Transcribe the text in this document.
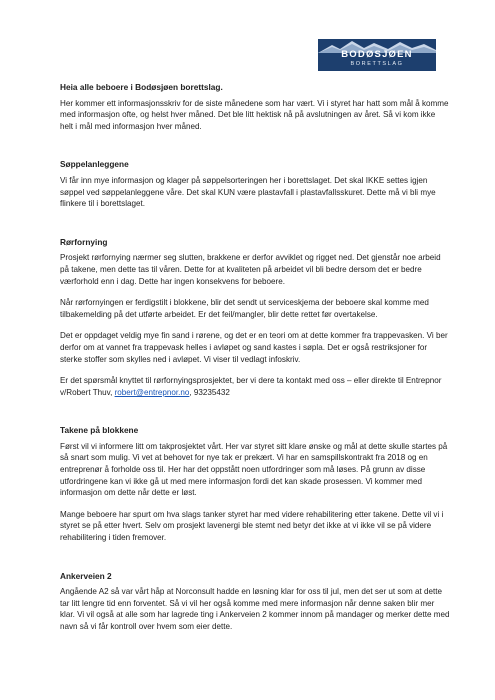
BODØSJØEN
BORETTSLAG

Heia alle beboere i Bodøsjøen borettslag.

Her kommer ett informasjonsskriv for de siste månedene som har vært. Vi i styret har hatt som mål å komme med informasjon ofte, og helst hver måned. Det ble litt hektisk nå på avslutningen av året. Så vi kom ikke helt i mål med informasjon hver måned.

Søppelanleggene

Vi får inn mye informasjon og klager på søppelsorteringen her i borettslaget. Det skal IKKE settes igjen søppel ved søppelanleggene våre. Det skal KUN være plastavfall i plastavfallsskuret. Dette må vi bli mye flinkere til i borettslaget.

Rørfornying

Prosjekt rørfornying nærmer seg slutten, brakkene er derfor avviklet og rigget ned. Det gjenstår noe arbeid på takene, men dette tas til våren. Dette for at kvaliteten på arbeidet vil bli bedre dersom det er bedre værforhold enn i dag. Dette har ingen konsekvens for beboere.

Når rørfornyingen er ferdigstilt i blokkene, blir det sendt ut serviceskjema der beboere skal komme med tilbakemelding på det utførte arbeidet. Er det feil/mangler, blir dette rettet før overtakelse.

Det er oppdaget veldig mye fin sand i rørene, og det er en teori om at dette kommer fra trappevasken. Vi ber derfor om at vannet fra trappevask helles i avløpet og sand kastes i søpla. Det er også restriksjoner for sterke stoffer som skylles ned i avløpet. Vi viser til vedlagt infoskriv.

Er det spørsmål knyttet til rørfornyingsprosjektet, ber vi dere ta kontakt med oss – eller direkte til Entrepnor v/Robert Thuv, robert@entrepnor.no, 93235432

Takene på blokkene

Først vil vi informere litt om takprosjektet vårt. Her var styret sitt klare ønske og mål at dette skulle startes på så snart som mulig. Vi vet at behovet for nye tak er prekært. Vi har en samspillskontrakt fra 2018 og en entreprenør å forholde oss til. Her har det oppstått noen utfordringer som må løses. På grunn av disse utfordringene kan vi ikke gå ut med mere informasjon fordi det kan skade prosessen. Vi kommer med informasjon om dette når dette er løst.

Mange beboere har spurt om hva slags tanker styret har med videre rehabilitering etter takene. Dette vil vi i styret se på etter hvert. Selv om prosjekt lavenergi ble stemt ned betyr det ikke at vi ikke vil se på videre rehabilitering i tiden fremover.

Ankerveien 2

Angående A2 så var vårt håp at Norconsult hadde en løsning klar for oss til jul, men det ser ut som at dette tar litt lengre tid enn forventet. Så vi vil her også komme med mere informasjon når denne saken blir mer klar. Vi vil også at alle som har lagrede ting i Ankerveien 2 kommer innom på mandager og merker dette med navn så vi får kontroll over hvem som eier dette.
